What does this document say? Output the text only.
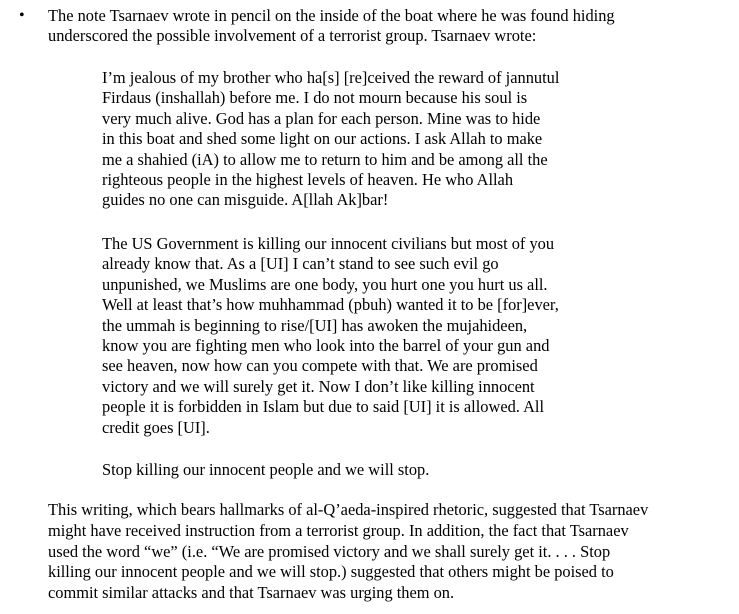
• The note Tsarnaev wrote in pencil on the inside of the boat where he was found hiding
underscored the possible involvement of a terrorist group. Tsarnaev wrote:

I’m jealous of my brother who ha[s] [re]ceived the reward of jannutul
Firdaus (inshallah) before me. I do not mourn because his soul is
very much alive. God has a plan for each person. Mine was to hide
in this boat and shed some light on our actions. I ask Allah to make
me a shahied (iA) to allow me to return to him and be among all the
righteous people in the highest levels of heaven. He who Allah
guides no one can misguide. A[llah Ak]bar!

The US Government is killing our innocent civilians but most of you
already know that. As a [UI] I can’t stand to see such evil go
unpunished, we Muslims are one body, you hurt one you hurt us all.
Well at least that’s how muhhammad (pbuh) wanted it to be [for]ever,
the ummah is beginning to rise/[UI] has awoken the mujahideen,
know you are fighting men who look into the barrel of your gun and
see heaven, now how can you compete with that. We are promised
victory and we will surely get it. Now I don’t like killing innocent
people it is forbidden in Islam but due to said [UI] it is allowed. All
credit goes [UI].

Stop killing our innocent people and we will stop.

This writing, which bears hallmarks of al-Q’aeda-inspired rhetoric, suggested that Tsarnaev
might have received instruction from a terrorist group. In addition, the fact that Tsarnaev
used the word “we” (i.e. “We are promised victory and we shall surely get it. . . . Stop
killing our innocent people and we will stop.) suggested that others might be poised to
commit similar attacks and that Tsarnaev was urging them on.
